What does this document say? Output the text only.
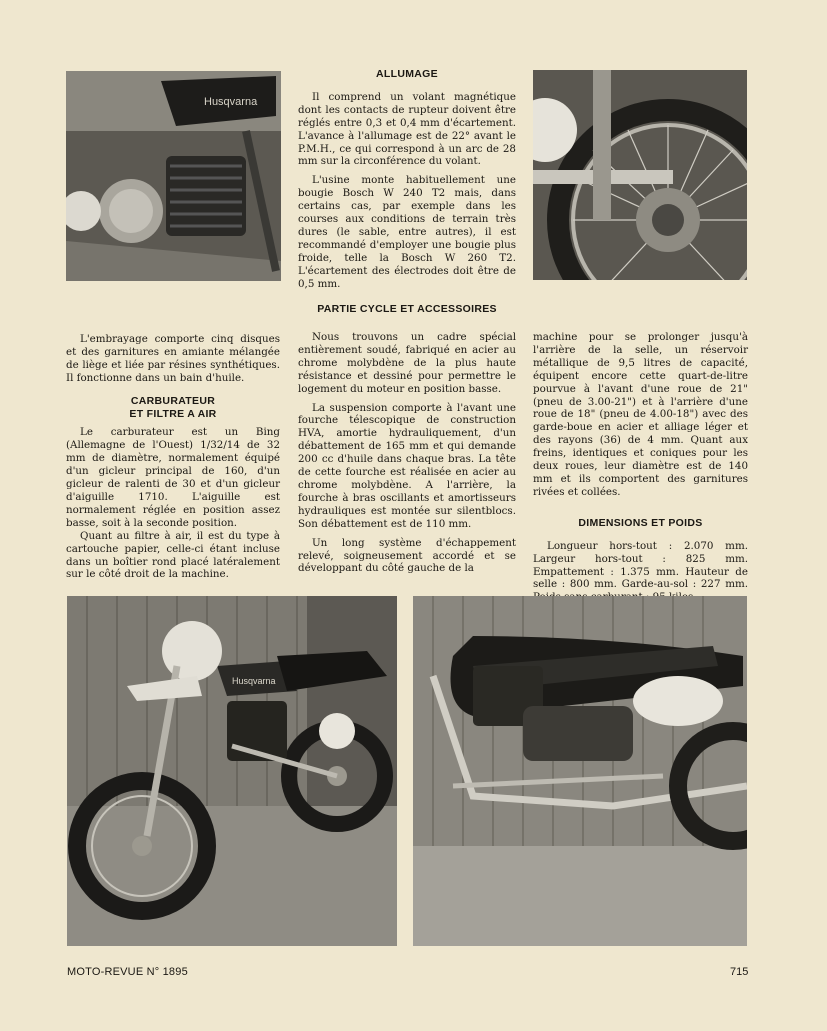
Husqvarna
ALLUMAGE

Il comprend un volant magnétique dont les contacts de rupteur doivent être réglés entre 0,3 et 0,4 mm d'écartement. L'avance à l'allumage est de 22° avant le P.M.H., ce qui correspond à un arc de 28 mm sur la circonférence du volant.

L'usine monte habituellement une bougie Bosch W 240 T2 mais, dans certains cas, par exemple dans les courses aux conditions de terrain très dures (le sable, entre autres), il est recommandé d'employer une bougie plus froide, telle la Bosch W 260 T2. L'écartement des électrodes doit être de 0,5 mm.

PARTIE CYCLE ET ACCESSOIRES

L'embrayage comporte cinq disques et des garnitures en amiante mélangée de liège et liée par résines synthétiques. Il fonctionne dans un bain d'huile.

CARBURATEUR
ET FILTRE A AIR

Le carburateur est un Bing (Allemagne de l'Ouest) 1/32/14 de 32 mm de diamètre, normalement équipé d'un gicleur principal de 160, d'un gicleur de ralenti de 30 et d'un gicleur d'aiguille 1710. L'aiguille est normalement réglée en position assez basse, soit à la seconde position.

Quant au filtre à air, il est du type à cartouche papier, celle-ci étant incluse dans un boîtier rond placé latéralement sur le côté droit de la machine.

Nous trouvons un cadre spécial entièrement soudé, fabriqué en acier au chrome molybdène de la plus haute résistance et dessiné pour permettre le logement du moteur en position basse.

La suspension comporte à l'avant une fourche télescopique de construction HVA, amortie hydrauliquement, d'un débattement de 165 mm et qui demande 200 cc d'huile dans chaque bras. La tête de cette fourche est réalisée en acier au chrome molybdène. A l'arrière, la fourche à bras oscillants et amortisseurs hydrauliques est montée sur silentblocs. Son débattement est de 110 mm.

Un long système d'échappement relevé, soigneusement accordé et se développant du côté gauche de la

machine pour se prolonger jusqu'à l'arrière de la selle, un réservoir métallique de 9,5 litres de capacité, équipent encore cette quart-de-litre pourvue à l'avant d'une roue de 21" (pneu de 3.00-21") et à l'arrière d'une roue de 18" (pneu de 4.00-18") avec des garde-boue en acier et alliage léger et des rayons (36) de 4 mm. Quant aux freins, identiques et coniques pour les deux roues, leur diamètre est de 140 mm et ils comportent des garnitures rivées et collées.

DIMENSIONS ET POIDS

Longueur hors-tout : 2.070 mm. Largeur hors-tout : 825 mm. Empattement : 1.375 mm. Hauteur de selle : 800 mm. Garde-au-sol : 227 mm.

Husqvarna
MOTO-REVUE N° 1895	715
